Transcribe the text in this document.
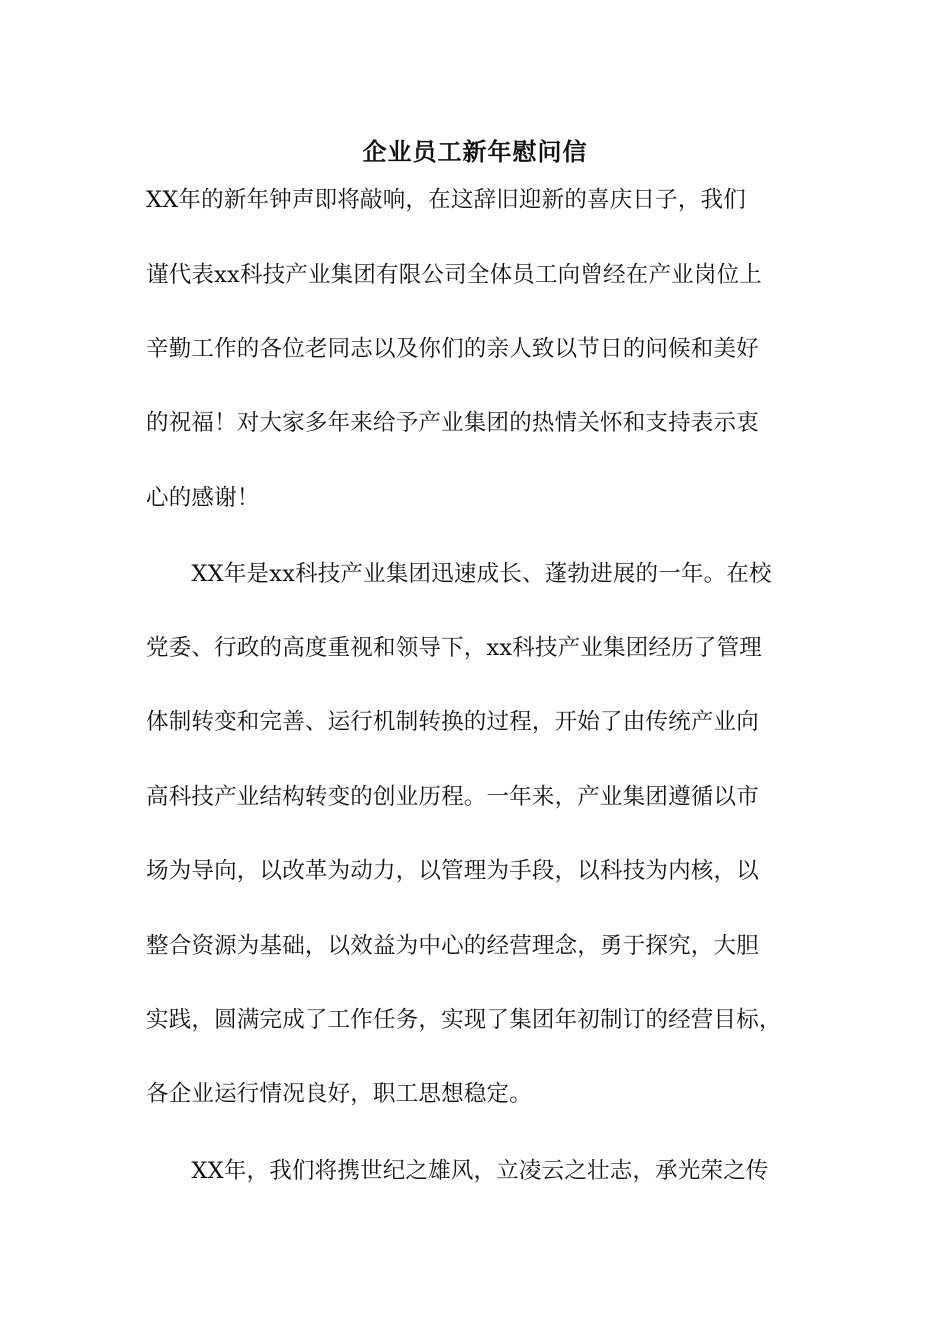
企业员工新年慰问信
XX年的新年钟声即将敲响，在这辞旧迎新的喜庆日子，我们
谨代表xx科技产业集团有限公司全体员工向曾经在产业岗位上
辛勤工作的各位老同志以及你们的亲人致以节日的问候和美好
的祝福！对大家多年来给予产业集团的热情关怀和支持表示衷
心的感谢！
　　XX年是xx科技产业集团迅速成长、蓬勃进展的一年。在校
党委、行政的高度重视和领导下，xx科技产业集团经历了管理
体制转变和完善、运行机制转换的过程，开始了由传统产业向
高科技产业结构转变的创业历程。一年来，产业集团遵循以市
场为导向，以改革为动力，以管理为手段，以科技为内核，以
整合资源为基础，以效益为中心的经营理念，勇于探究，大胆
实践，圆满完成了工作任务，实现了集团年初制订的经营目标，
各企业运行情况良好，职工思想稳定。
　　XX年，我们将携世纪之雄风，立凌云之壮志，承光荣之传
